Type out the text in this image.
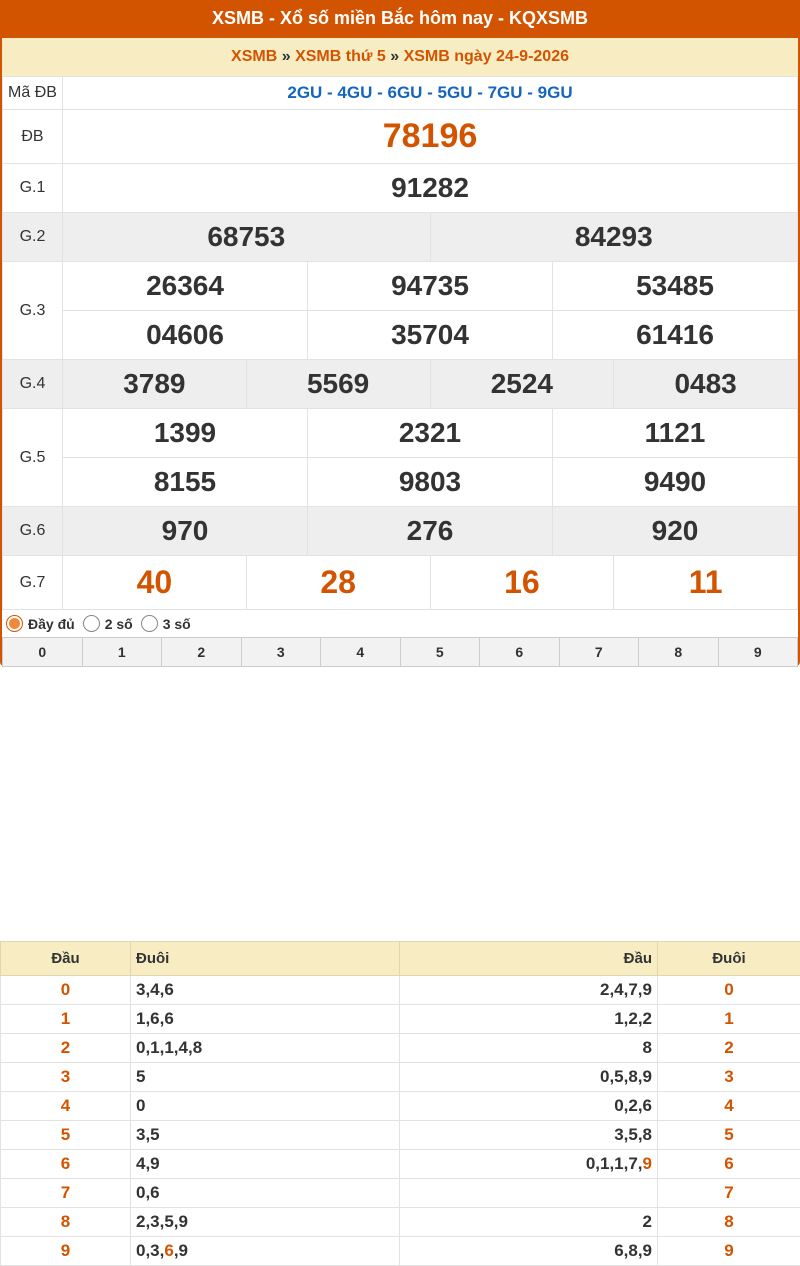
XSMB - Xổ số miền Bắc hôm nay - KQXSMB
XSMB » XSMB thứ 5 » XSMB ngày 24-9-2026
Mã ĐB	2GU - 4GU - 6GU - 5GU - 7GU - 9GU					
ĐB	78196					
G.1	91282					
G.2	68753			84293		
G.3	26364		94735		53485	
	04606		35704		61416	
G.4	3789	5569		2524		0483
G.5	1399		2321		1121	
	8155		9803		9490	
G.6	970		276		920	
G.7	40	28		16		11
Đầy đủ 2 số 3 số
0	1	2	3	4	5	6	7	8	9
Đầu	Đuôi	Đầu	Đuôi
0	3,4,6	2,4,7,9	0
1	1,6,6	1,2,2	1
2	0,1,1,4,8	8	2
3	5	0,5,8,9	3
4	0	0,2,6	4
5	3,5	3,5,8	5
6	4,9	0,1,1,7,9	6
7	0,6		7
8	2,3,5,9	2	8
9	0,3,6,9	6,8,9	9
